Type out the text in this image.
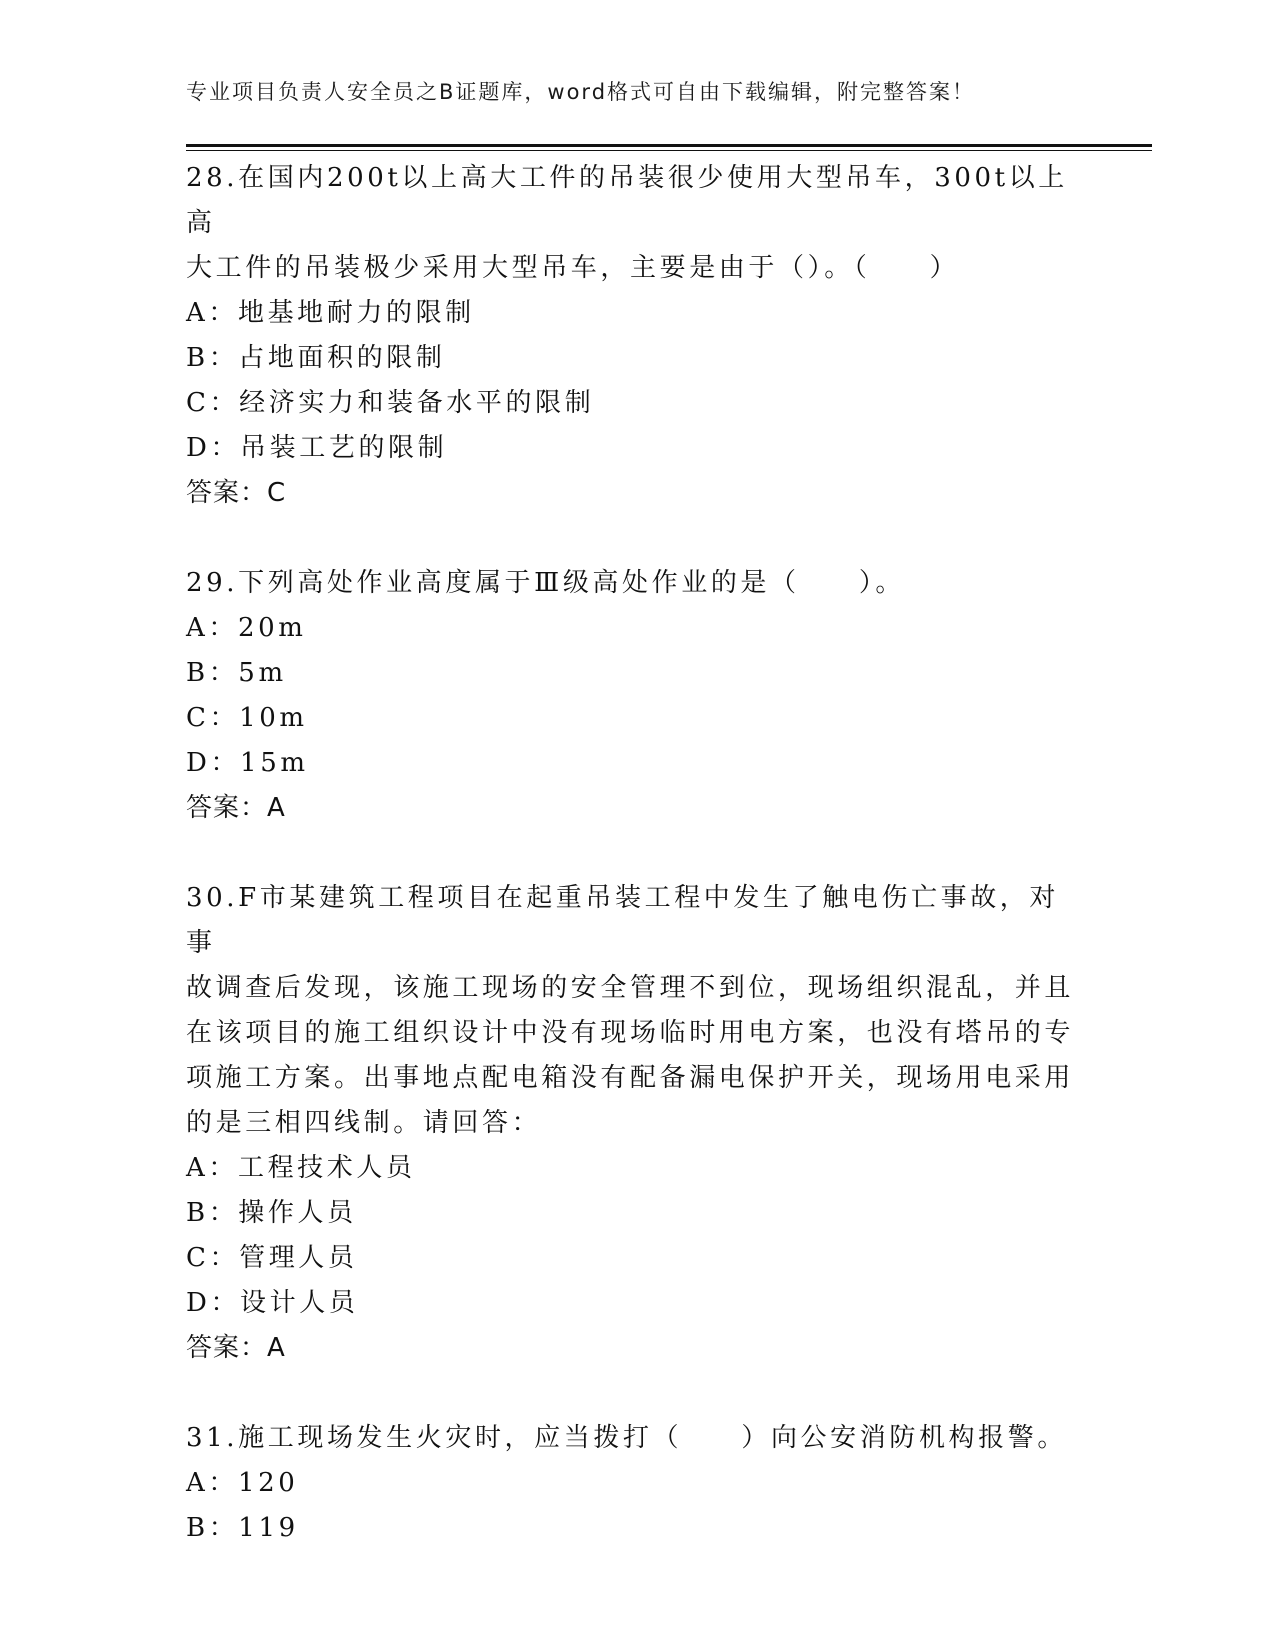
专业项目负责人安全员之B证题库，word格式可自由下载编辑，附完整答案！

28.在国内200t以上高大工件的吊装很少使用大型吊车，300t以上高

大工件的吊装极少采用大型吊车，主要是由于（）。（　　）

A：地基地耐力的限制

B：占地面积的限制

C：经济实力和装备水平的限制

D：吊装工艺的限制

答案：C

29.下列高处作业高度属于Ⅲ级高处作业的是（　　）。

A：20m

B：5m

C：10m

D：15m

答案：A

30.F市某建筑工程项目在起重吊装工程中发生了触电伤亡事故，对事

故调查后发现，该施工现场的安全管理不到位，现场组织混乱，并且

在该项目的施工组织设计中没有现场临时用电方案，也没有塔吊的专

项施工方案。出事地点配电箱没有配备漏电保护开关，现场用电采用

的是三相四线制。请回答：

A：工程技术人员

B：操作人员

C：管理人员

D：设计人员

答案：A

31.施工现场发生火灾时，应当拨打（　　）向公安消防机构报警。

A：120

B：119
